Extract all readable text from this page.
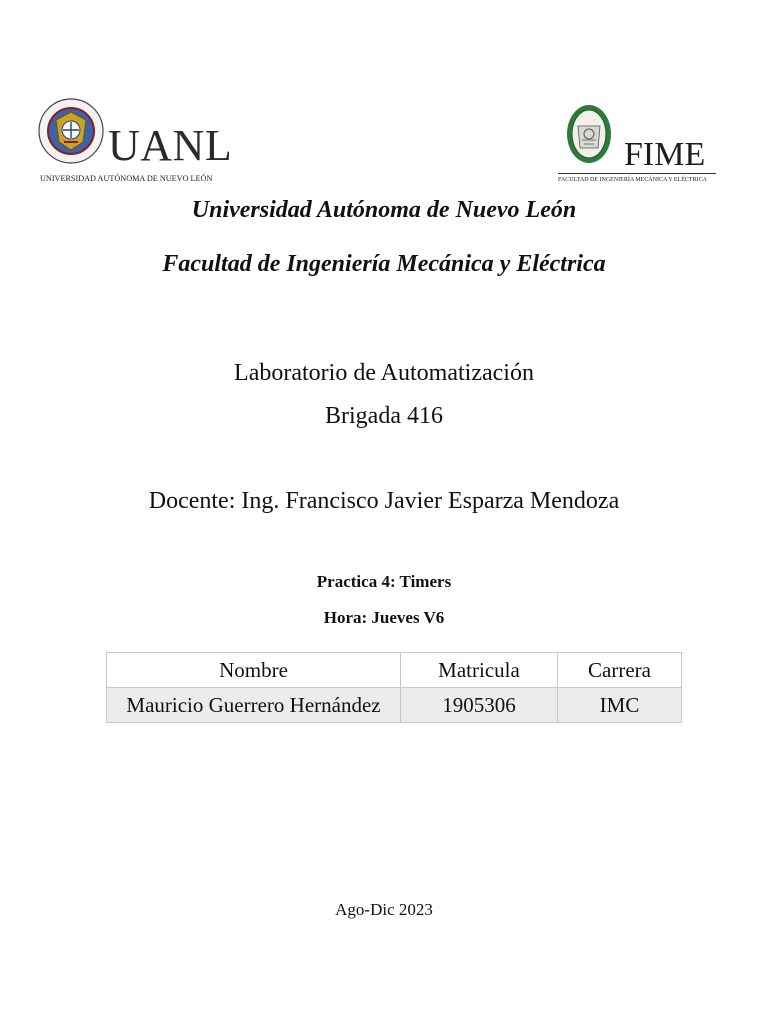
UANL
UNIVERSIDAD AUTÓNOMA DE NUEVO LEÓN
FIME
FACULTAD DE INGENIERÍA MECÁNICA Y ELÉCTRICA
Universidad Autónoma de Nuevo León
Facultad de Ingeniería Mecánica y Eléctrica
Laboratorio de Automatización
Brigada 416
Docente: Ing. Francisco Javier Esparza Mendoza
Practica 4: Timers
Hora: Jueves V6
Nombre	Matricula	Carrera
Mauricio Guerrero Hernández	1905306	IMC
Ago-Dic 2023
